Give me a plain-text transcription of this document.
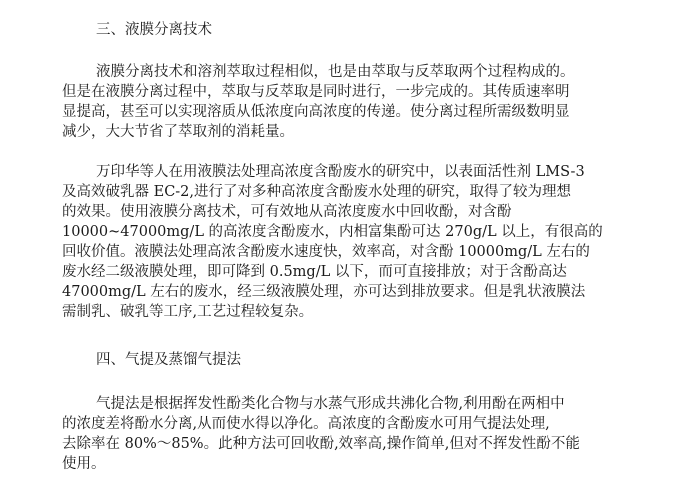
三、液膜分离技术
液膜分离技术和溶剂萃取过程相似，也是由萃取与反萃取两个过程构成的。
但是在液膜分离过程中，萃取与反萃取是同时进行，一步完成的。其传质速率明
显提高，甚至可以实现溶质从低浓度向高浓度的传递。使分离过程所需级数明显
减少，大大节省了萃取剂的消耗量。
万印华等人在用液膜法处理高浓度含酚废水的研究中，以表面活性剂 LMS-3
及高效破乳器 EC-2,进行了对多种高浓度含酚废水处理的研究，取得了较为理想
的效果。使用液膜分离技术，可有效地从高浓度废水中回收酚，对含酚
10000~47000mg/L 的高浓度含酚废水，内相富集酚可达 270g/L 以上，有很高的
回收价值。液膜法处理高浓含酚废水速度快，效率高，对含酚 10000mg/L 左右的
废水经二级液膜处理，即可降到 0.5mg/L 以下，而可直接排放；对于含酚高达
47000mg/L 左右的废水，经三级液膜处理，亦可达到排放要求。但是乳状液膜法
需制乳、破乳等工序,工艺过程较复杂。
四、气提及蒸馏气提法
气提法是根据挥发性酚类化合物与水蒸气形成共沸化合物,利用酚在两相中
的浓度差将酚水分离,从而使水得以净化。高浓度的含酚废水可用气提法处理,
去除率在 80%～85%。此种方法可回收酚,效率高,操作简单,但对不挥发性酚不能
使用。
